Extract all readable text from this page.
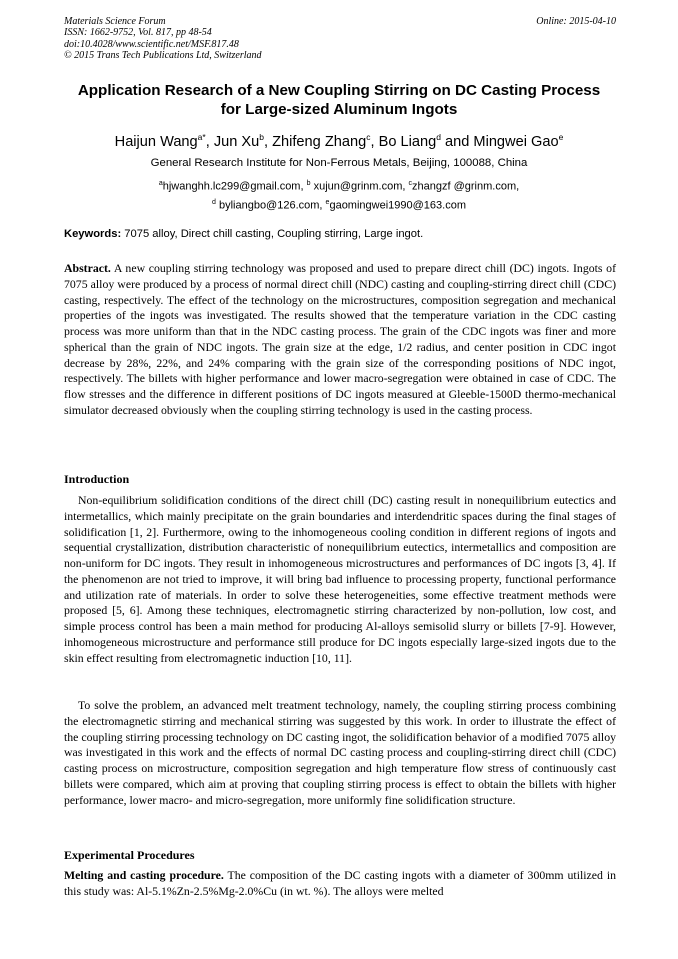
Materials Science Forum
ISSN: 1662-9752, Vol. 817, pp 48-54
doi:10.4028/www.scientific.net/MSF.817.48
© 2015 Trans Tech Publications Ltd, Switzerland
Online: 2015-04-10
Application Research of a New Coupling Stirring on DC Casting Process
for Large-sized Aluminum Ingots
Haijun Wang$^{a*}$, Jun Xu$^b$, Zhifeng Zhang$^c$, Bo Liang$^d$ and Mingwei Gao$^e$
General Research Institute for Non-Ferrous Metals, Beijing, 100088, China
$^a$hjwanghh.lc299@gmail.com, $^b$ xujun@grinm.com, $^c$zhangzf @grinm.com,
$^d$ byliangbo@126.com, $^e$gaomingwei1990@163.com
Keywords: 7075 alloy, Direct chill casting, Coupling stirring, Large ingot.

Abstract. A new coupling stirring technology was proposed and used to prepare direct chill (DC) ingots. Ingots of 7075 alloy were produced by a process of normal direct chill (NDC) casting and coupling-stirring direct chill (CDC) casting, respectively. The effect of the technology on the microstructures, composition segregation and mechanical properties of the ingots was investigated. The results showed that the temperature variation in the CDC casting process was more uniform than that in the NDC casting process. The grain of the CDC ingots was finer and more spherical than the grain of NDC ingots. The grain size at the edge, 1/2 radius, and center position in CDC ingot decrease by 28%, 22%, and 24% comparing with the grain size of the corresponding positions of NDC ingot, respectively. The billets with higher performance and lower macro-segregation were obtained in case of CDC. The flow stresses and the difference in different positions of DC ingots measured at Gleeble-1500D thermo-mechanical simulator decreased obviously when the coupling stirring technology is used in the casting process.

Introduction

Non-equilibrium solidification conditions of the direct chill (DC) casting result in nonequilibrium eutectics and intermetallics, which mainly precipitate on the grain boundaries and interdendritic spaces during the final stages of solidification [1, 2]. Furthermore, owing to the inhomogeneous cooling condition in different regions of ingots and sequential crystallization, distribution characteristic of nonequilibrium eutectics, intermetallics and composition are non-uniform for DC ingots. They result in inhomogeneous microstructures and performances of DC ingots [3, 4]. If the phenomenon are not tried to improve, it will bring bad influence to processing property, functional performance and utilization rate of materials. In order to solve these heterogeneities, some effective treatment methods were proposed [5, 6]. Among these techniques, electromagnetic stirring characterized by non-pollution, low cost, and simple process control has been a main method for producing Al-alloys semisolid slurry or billets [7-9]. However, inhomogeneous microstructure and performance still produce for DC ingots especially large-sized ingots due to the skin effect resulting from electromagnetic induction [10, 11].

To solve the problem, an advanced melt treatment technology, namely, the coupling stirring process combining the electromagnetic stirring and mechanical stirring was suggested by this work. In order to illustrate the effect of the coupling stirring processing technology on DC casting ingot, the solidification behavior of a modified 7075 alloy was investigated in this work and the effects of normal DC casting process and coupling-stirring direct chill (CDC) casting process on microstructure, composition segregation and high temperature flow stress of continuously cast billets were compared, which aim at proving that coupling stirring process is effect to obtain the billets with higher performance, lower macro- and micro-segregation, more uniformly fine solidification structure.

Experimental Procedures

Melting and casting procedure. The composition of the DC casting ingots with a diameter of 300mm utilized in this study was: Al-5.1%Zn-2.5%Mg-2.0%Cu (in wt. %). The alloys were melted
